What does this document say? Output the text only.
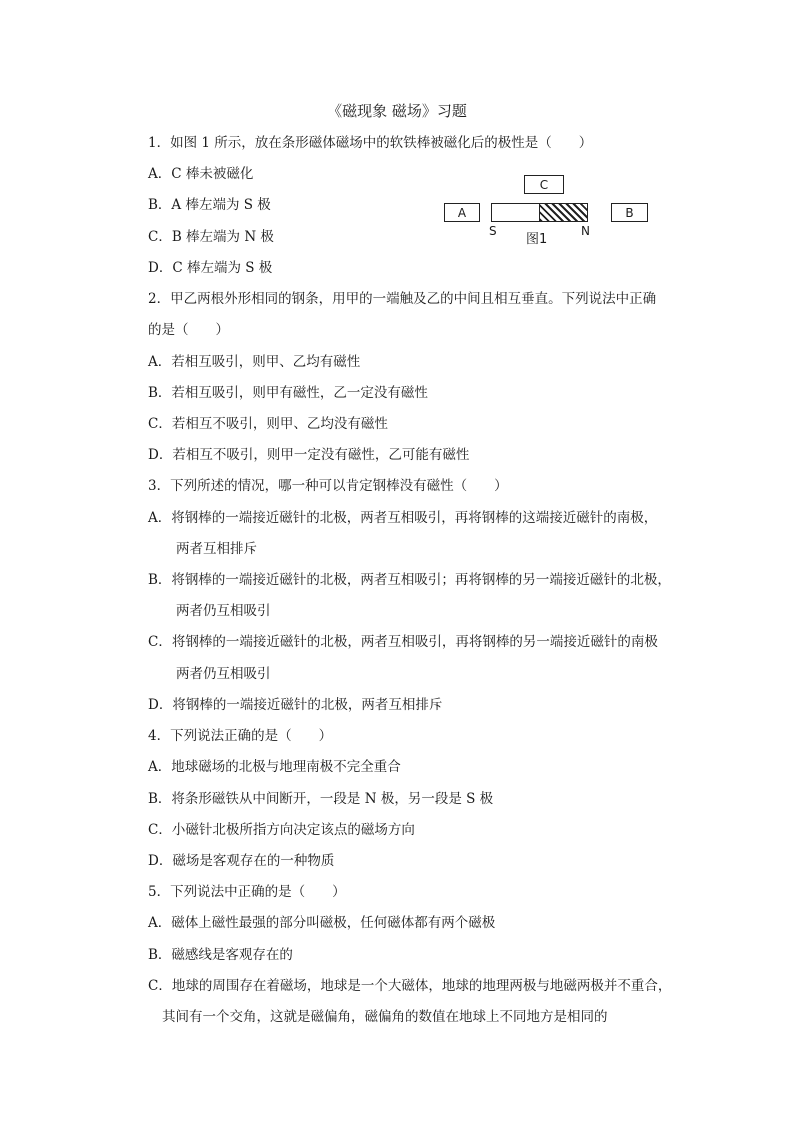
《磁现象 磁场》习题
1．如图 1 所示，放在条形磁体磁场中的软铁棒被磁化后的极性是（　　）
A．C 棒未被磁化
B．A 棒左端为 S 极
C．B 棒左端为 N 极
D．C 棒左端为 S 极
C
A	B
S
图1
N
2．甲乙两根外形相同的钢条，用甲的一端触及乙的中间且相互垂直。下列说法中正确
的是（　　）
A．若相互吸引，则甲、乙均有磁性
B．若相互吸引，则甲有磁性，乙一定没有磁性
C．若相互不吸引，则甲、乙均没有磁性
D．若相互不吸引，则甲一定没有磁性，乙可能有磁性
3．下列所述的情况，哪一种可以肯定钢棒没有磁性（　　）
A．将钢棒的一端接近磁针的北极，两者互相吸引，再将钢棒的这端接近磁针的南极，
两者互相排斥
B．将钢棒的一端接近磁针的北极，两者互相吸引；再将钢棒的另一端接近磁针的北极，
两者仍互相吸引
C．将钢棒的一端接近磁针的北极，两者互相吸引，再将钢棒的另一端接近磁针的南极
两者仍互相吸引
D．将钢棒的一端接近磁针的北极，两者互相排斥
4．下列说法正确的是（　　）
A．地球磁场的北极与地理南极不完全重合
B．将条形磁铁从中间断开，一段是 N 极，另一段是 S 极
C．小磁针北极所指方向决定该点的磁场方向
D．磁场是客观存在的一种物质
5．下列说法中正确的是（　　）
A．磁体上磁性最强的部分叫磁极，任何磁体都有两个磁极
B．磁感线是客观存在的
C．地球的周围存在着磁场，地球是一个大磁体，地球的地理两极与地磁两极并不重合，
其间有一个交角，这就是磁偏角，磁偏角的数值在地球上不同地方是相同的
